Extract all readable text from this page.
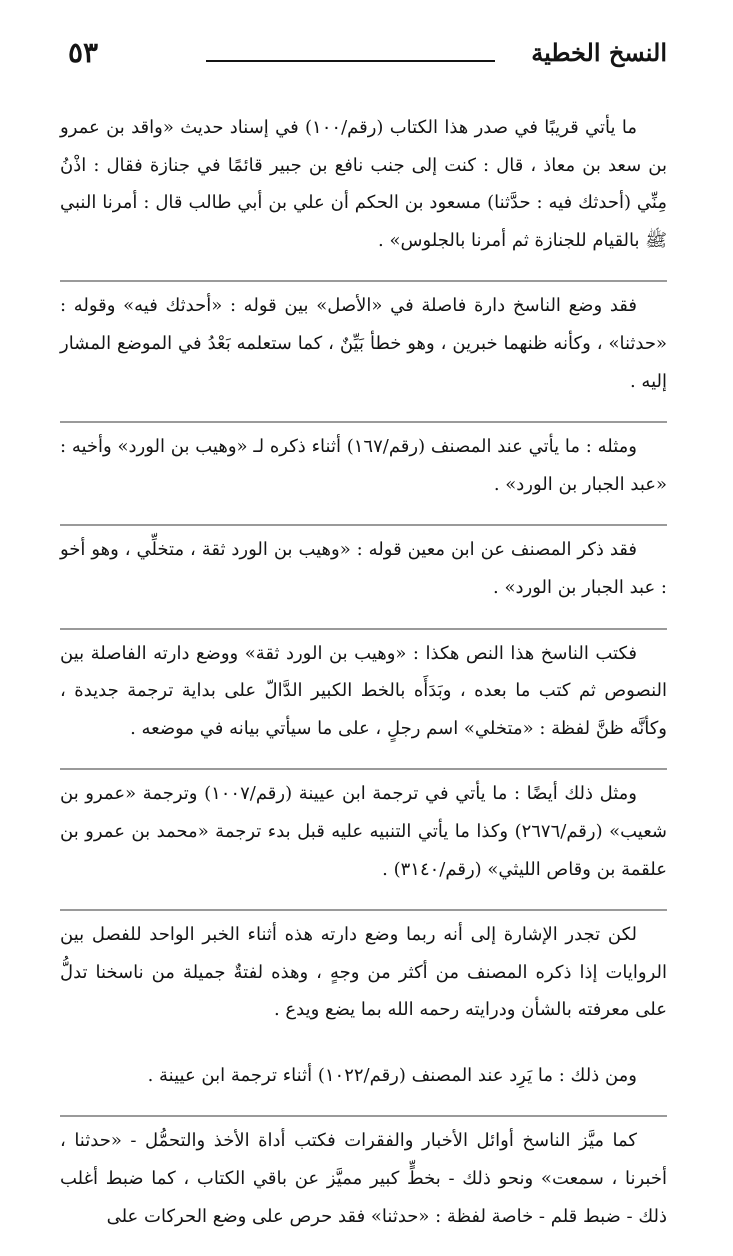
النسخ الخطية
٥٣

ما يأتي قريبًا في صدر هذا الكتاب (رقم/١٠٠) في إسناد حديث «واقد بن عمرو بن سعد بن معاذ ، قال : كنت إلى جنب نافع بن جبير قائمًا في جنازة فقال : اذْنُ مِنِّي (أحدثك فيه : حدَّثنا) مسعود بن الحكم أن علي بن أبي طالب قال : أمرنا النبي ﷺ بالقيام للجنازة ثم أمرنا بالجلوس» .

فقد وضع الناسخ دارة فاصلة في «الأصل» بين قوله : «أحدثك فيه» وقوله : «حدثنا» ، وكأنه ظنهما خبرين ، وهو خطأ بَيِّنٌ ، كما ستعلمه بَعْدُ في الموضع المشار إليه .

ومثله : ما يأتي عند المصنف (رقم/١٦٧) أثناء ذكره لـ «وهيب بن الورد» وأخيه : «عبد الجبار بن الورد» .

فقد ذكر المصنف عن ابن معين قوله : «وهيب بن الورد ثقة ، متخلِّي ، وهو أخو : عبد الجبار بن الورد» .

فكتب الناسخ هذا النص هكذا : «وهيب بن الورد ثقة» ووضع دارته الفاصلة بين النصوص ثم كتب ما بعده ، وبَدَأَه بالخط الكبير الدَّالّ على بداية ترجمة جديدة ، وكأنَّه ظنَّ لفظة : «متخلي» اسم رجلٍ ، على ما سيأتي بيانه في موضعه .

ومثل ذلك أيضًا : ما يأتي في ترجمة ابن عيينة (رقم/١٠٠٧) وترجمة «عمرو بن شعيب» (رقم/٢٦٧٦) وكذا ما يأتي التنبيه عليه قبل بدء ترجمة «محمد بن عمرو بن علقمة بن وقاص الليثي» (رقم/٣١٤٠) .

لكن تجدر الإشارة إلى أنه ربما وضع دارته هذه أثناء الخبر الواحد للفصل بين الروايات إذا ذكره المصنف من أكثر من وجهٍ ، وهذه لفتةٌ جميلة من ناسخنا تدلُّ على معرفته بالشأن ودرايته رحمه الله بما يضع ويدع .

ومن ذلك : ما يَرِد عند المصنف (رقم/١٠٢٢) أثناء ترجمة ابن عيينة .

كما ميَّز الناسخ أوائل الأخبار والفقرات فكتب أداة الأخذ والتحمُّل - «حدثنا ، أخبرنا ، سمعت» ونحو ذلك - بخطٍّ كبير مميَّز عن باقي الكتاب ، كما ضبط أغلب ذلك - ضبط قلم - خاصة لفظة : «حدثنا» فقد حرص على وضع الحركات على
